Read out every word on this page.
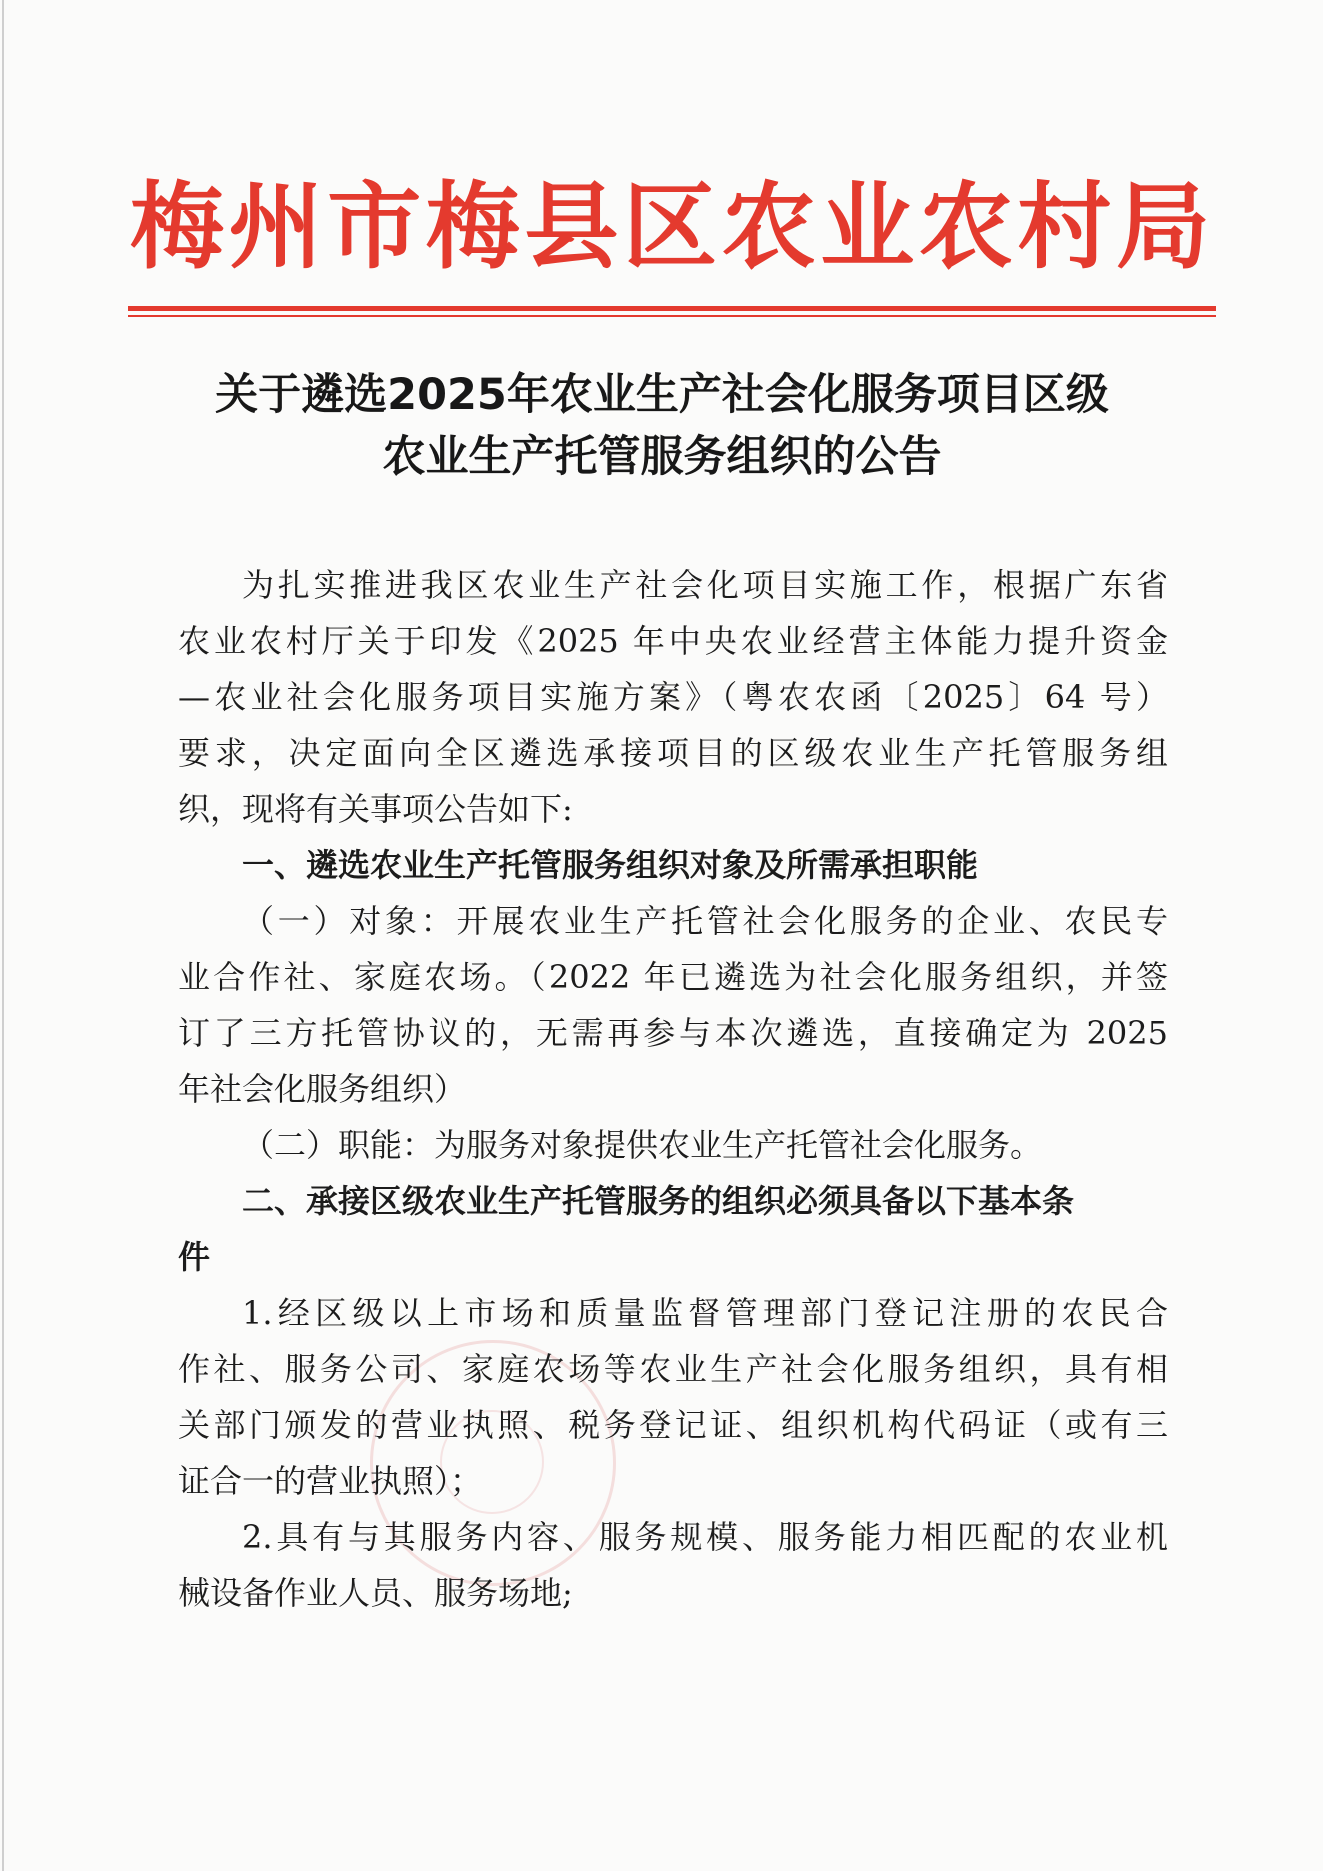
梅 州 市 梅 县 区 农 业 农 村 局
关于遴选2025年农业生产社会化服务项目区级
农业生产托管服务组织的公告
为扎实推进我区农业生产社会化项目实施工作，根据广东省
农业农村厅关于印发《2025 年中央农业经营主体能力提升资金
—农业社会化服务项目实施方案》（粤农农函〔2025〕64 号）
要求，决定面向全区遴选承接项目的区级农业生产托管服务组
织，现将有关事项公告如下:
一、遴选农业生产托管服务组织对象及所需承担职能
（一）对象：开展农业生产托管社会化服务的企业、农民专
业合作社、家庭农场。（2022 年已遴选为社会化服务组织，并签
订了三方托管协议的，无需再参与本次遴选，直接确定为 2025
年社会化服务组织）
（二）职能：为服务对象提供农业生产托管社会化服务。
二、承接区级农业生产托管服务的组织必须具备以下基本条
件
1.经区级以上市场和质量监督管理部门登记注册的农民合
作社、服务公司、家庭农场等农业生产社会化服务组织，具有相
关部门颁发的营业执照、税务登记证、组织机构代码证（或有三
证合一的营业执照）；
2.具有与其服务内容、服务规模、服务能力相匹配的农业机
械设备作业人员、服务场地;
